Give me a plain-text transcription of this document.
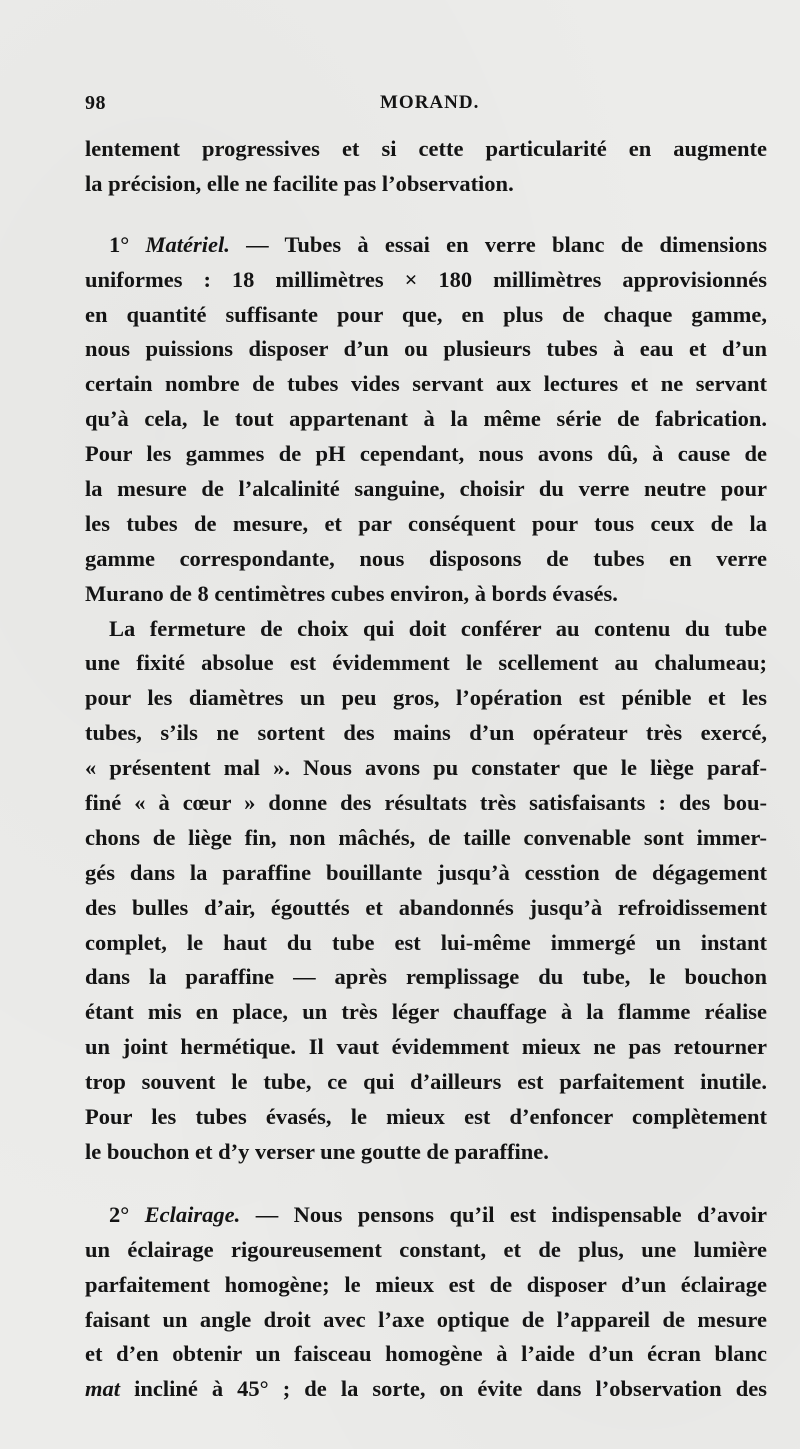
98	MORAND.
lentement progressives et si cette particularité en augmente
la précision, elle ne facilite pas l’observation.
1° Matériel. — Tubes à essai en verre blanc de dimensions
uniformes : 18 millimètres × 180 millimètres approvisionnés
en quantité suffisante pour que, en plus de chaque gamme,
nous puissions disposer d’un ou plusieurs tubes à eau et d’un
certain nombre de tubes vides servant aux lectures et ne servant
qu’à cela, le tout appartenant à la même série de fabrication.
Pour les gammes de pH cependant, nous avons dû, à cause de
la mesure de l’alcalinité sanguine, choisir du verre neutre pour
les tubes de mesure, et par conséquent pour tous ceux de la
gamme correspondante, nous disposons de tubes en verre
Murano de 8 centimètres cubes environ, à bords évasés.
La fermeture de choix qui doit conférer au contenu du tube
une fixité absolue est évidemment le scellement au chalumeau;
pour les diamètres un peu gros, l’opération est pénible et les
tubes, s’ils ne sortent des mains d’un opérateur très exercé,
« présentent mal ». Nous avons pu constater que le liège paraf-
finé « à cœur » donne des résultats très satisfaisants : des bou-
chons de liège fin, non mâchés, de taille convenable sont immer-
gés dans la paraffine bouillante jusqu’à cesstion de dégagement
des bulles d’air, égouttés et abandonnés jusqu’à refroidissement
complet, le haut du tube est lui-même immergé un instant
dans la paraffine — après remplissage du tube, le bouchon
étant mis en place, un très léger chauffage à la flamme réalise
un joint hermétique. Il vaut évidemment mieux ne pas retourner
trop souvent le tube, ce qui d’ailleurs est parfaitement inutile.
Pour les tubes évasés, le mieux est d’enfoncer complètement
le bouchon et d’y verser une goutte de paraffine.
2° Eclairage. — Nous pensons qu’il est indispensable d’avoir
un éclairage rigoureusement constant, et de plus, une lumière
parfaitement homogène; le mieux est de disposer d’un éclairage
faisant un angle droit avec l’axe optique de l’appareil de mesure
et d’en obtenir un faisceau homogène à l’aide d’un écran blanc
mat incliné à 45° ; de la sorte, on évite dans l’observation des
